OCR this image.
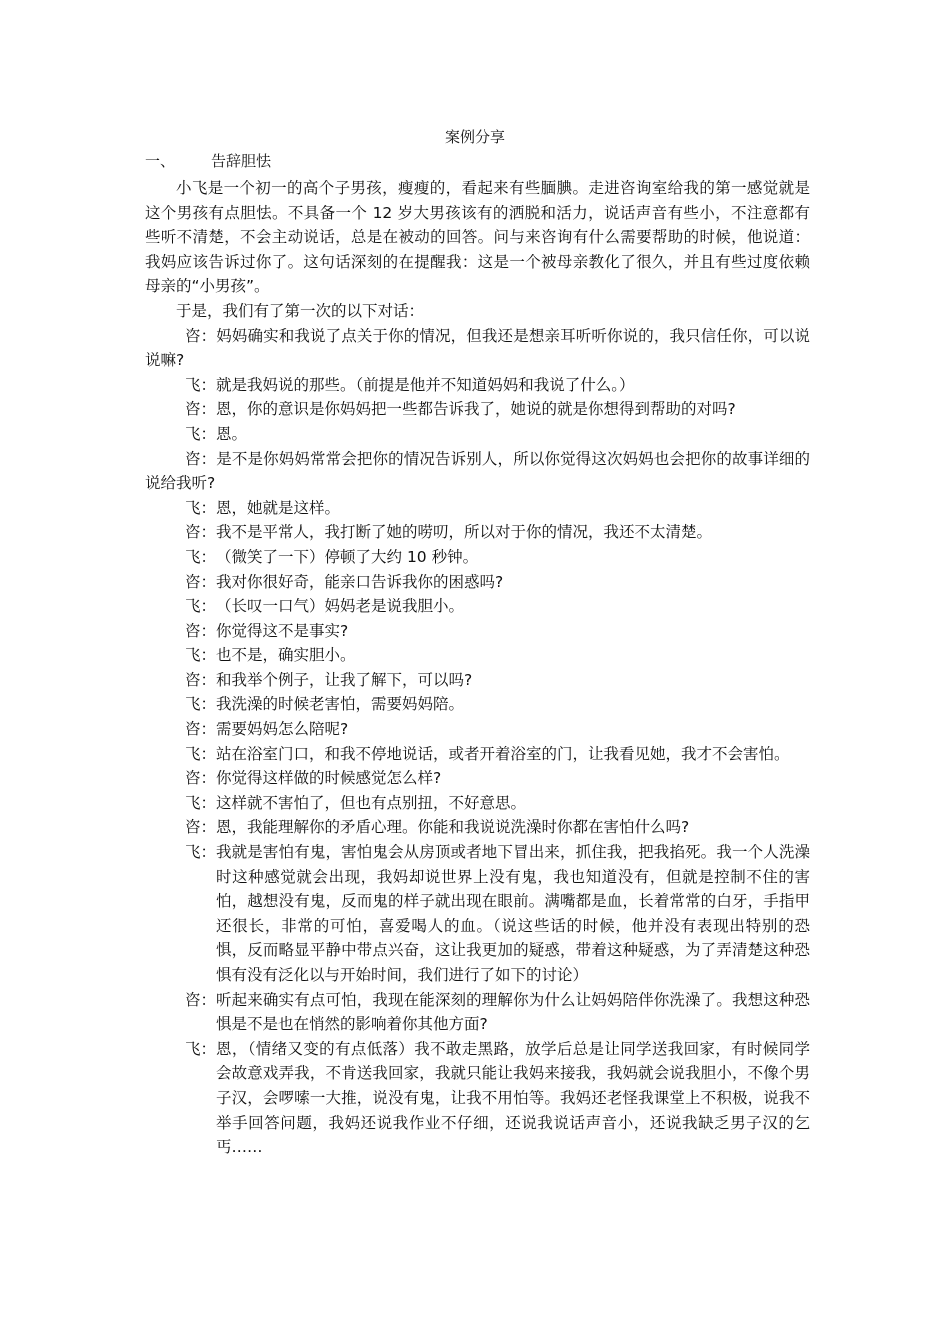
案例分享
一、 告辞胆怯

小飞是一个初一的高个子男孩，瘦瘦的，看起来有些腼腆。走进咨询室给我的第一感觉就是这个男孩有点胆怯。不具备一个 12 岁大男孩该有的洒脱和活力，说话声音有些小，不注意都有些听不清楚，不会主动说话，总是在被动的回答。问与来咨询有什么需要帮助的时候，他说道：我妈应该告诉过你了。这句话深刻的在提醒我：这是一个被母亲教化了很久，并且有些过度依赖母亲的“小男孩”。

于是，我们有了第一次的以下对话：

咨：妈妈确实和我说了点关于你的情况，但我还是想亲耳听听你说的，我只信任你，可以说说嘛?

飞： 就是我妈说的那些。（前提是他并不知道妈妈和我说了什么。）

咨： 恩，你的意识是你妈妈把一些都告诉我了，她说的就是你想得到帮助的对吗?

飞： 恩。

咨：是不是你妈妈常常会把你的情况告诉别人，所以你觉得这次妈妈也会把你的故事详细的说给我听?

飞： 恩，她就是这样。

咨： 我不是平常人，我打断了她的唠叨，所以对于你的情况，我还不太清楚。

飞： （微笑了一下）停顿了大约 10 秒钟。

咨： 我对你很好奇，能亲口告诉我你的困惑吗?

飞： （长叹一口气）妈妈老是说我胆小。

咨： 你觉得这不是事实?

飞： 也不是，确实胆小。

咨： 和我举个例子，让我了解下，可以吗?

飞： 我洗澡的时候老害怕，需要妈妈陪。

咨： 需要妈妈怎么陪呢?

飞： 站在浴室门口，和我不停地说话，或者开着浴室的门，让我看见她，我才不会害怕。

咨： 你觉得这样做的时候感觉怎么样?

飞： 这样就不害怕了，但也有点别扭，不好意思。

咨： 恩，我能理解你的矛盾心理。你能和我说说洗澡时你都在害怕什么吗?

飞： 我就是害怕有鬼，害怕鬼会从房顶或者地下冒出来，抓住我，把我掐死。我一个人洗澡时这种感觉就会出现，我妈却说世界上没有鬼，我也知道没有，但就是控制不住的害怕，越想没有鬼，反而鬼的样子就出现在眼前。满嘴都是血，长着常常的白牙，手指甲还很长，非常的可怕，喜爱喝人的血。（说这些话的时候，他并没有表现出特别的恐惧，反而略显平静中带点兴奋，这让我更加的疑惑，带着这种疑惑，为了弄清楚这种恐惧有没有泛化以与开始时间，我们进行了如下的讨论）

咨： 听起来确实有点可怕，我现在能深刻的理解你为什么让妈妈陪伴你洗澡了。我想这种恐惧是不是也在悄然的影响着你其他方面?

飞： 恩，（情绪又变的有点低落）我不敢走黑路，放学后总是让同学送我回家，有时候同学会故意戏弄我，不肯送我回家，我就只能让我妈来接我，我妈就会说我胆小，不像个男子汉，会啰嗦一大推，说没有鬼，让我不用怕等。我妈还老怪我课堂上不积极，说我不举手回答问题，我妈还说我作业不仔细，还说我说话声音小，还说我缺乏男子汉的乞丐……
